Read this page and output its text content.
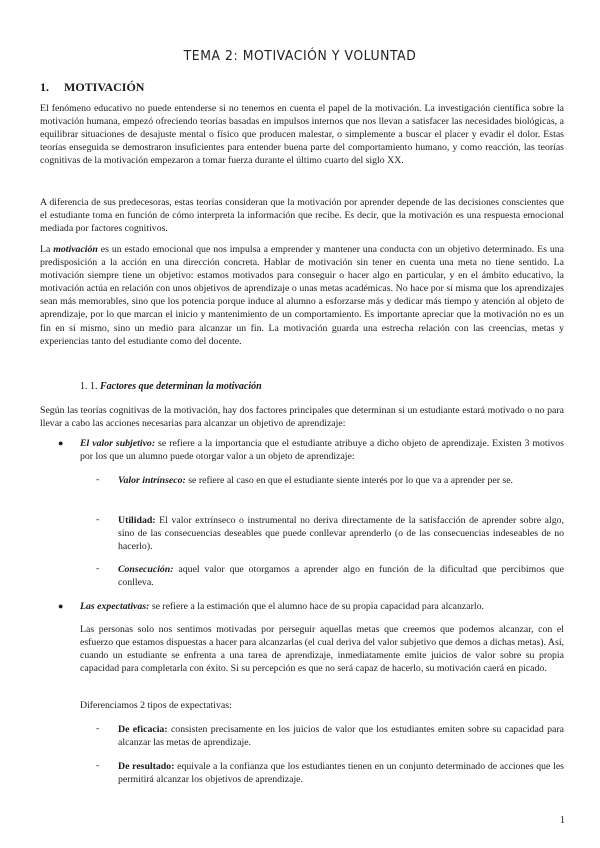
TEMA 2: MOTIVACIÓN Y VOLUNTAD
1. MOTIVACIÓN

El fenómeno educativo no puede entenderse si no tenemos en cuenta el papel de la motivación. La investigación científica sobre la motivación humana, empezó ofreciendo teorías basadas en impulsos internos que nos llevan a satisfacer las necesidades biológicas, a equilibrar situaciones de desajuste mental o físico que producen malestar, o simplemente a buscar el placer y evadir el dolor. Estas teorías enseguida se demostraron insuficientes para entender buena parte del comportamiento humano, y como reacción, las teorías cognitivas de la motivación empezaron a tomar fuerza durante el último cuarto del siglo XX.

A diferencia de sus predecesoras, estas teorías consideran que la motivación por aprender depende de las decisiones conscientes que el estudiante toma en función de cómo interpreta la información que recibe. Es decir, que la motivación es una respuesta emocional mediada por factores cognitivos.

La motivación es un estado emocional que nos impulsa a emprender y mantener una conducta con un objetivo determinado. Es una predisposición a la acción en una dirección concreta. Hablar de motivación sin tener en cuenta una meta no tiene sentido. La motivación siempre tiene un objetivo: estamos motivados para conseguir o hacer algo en particular, y en el ámbito educativo, la motivación actúa en relación con unos objetivos de aprendizaje o unas metas académicas. No hace por sí misma que los aprendizajes sean más memorables, sino que los potencia porque induce al alumno a esforzarse más y dedicar más tiempo y atención al objeto de aprendizaje, por lo que marcan el inicio y mantenimiento de un comportamiento. Es importante apreciar que la motivación no es un fin en sí mismo, sino un medio para alcanzar un fin. La motivación guarda una estrecha relación con las creencias, metas y experiencias tanto del estudiante como del docente.

1. 1. Factores que determinan la motivación

Según las teorías cognitivas de la motivación, hay dos factores principales que determinan si un estudiante estará motivado o no para llevar a cabo las acciones necesarias para alcanzar un objetivo de aprendizaje:

● El valor subjetivo: se refiere a la importancia que el estudiante atribuye a dicho objeto de aprendizaje. Existen 3 motivos por los que un alumno puede otorgar valor a un objeto de aprendizaje:

- Valor intrínseco: se refiere al caso en que el estudiante siente interés por lo que va a aprender per se.

- Utilidad: El valor extrínseco o instrumental no deriva directamente de la satisfacción de aprender sobre algo, sino de las consecuencias deseables que puede conllevar aprenderlo (o de las consecuencias indeseables de no hacerlo).

- Consecución: aquel valor que otorgamos a aprender algo en función de la dificultad que percibimos que conlleva.

● Las expectativas: se refiere a la estimación que el alumno hace de su propia capacidad para alcanzarlo.

Las personas solo nos sentimos motivadas por perseguir aquellas metas que creemos que podemos alcanzar, con el esfuerzo que estamos dispuestas a hacer para alcanzarlas (el cual deriva del valor subjetivo que demos a dichas metas). Así, cuando un estudiante se enfrenta a una tarea de aprendizaje, inmediatamente emite juicios de valor sobre su propia capacidad para completarla con éxito. Si su percepción es que no será capaz de hacerlo, su motivación caerá en picado.

Diferenciamos 2 tipos de expectativas:

- De eficacia: consisten precisamente en los juicios de valor que los estudiantes emiten sobre su capacidad para alcanzar las metas de aprendizaje.

- De resultado: equivale a la confianza que los estudiantes tienen en un conjunto determinado de acciones que les permitirá alcanzar los objetivos de aprendizaje.

1
